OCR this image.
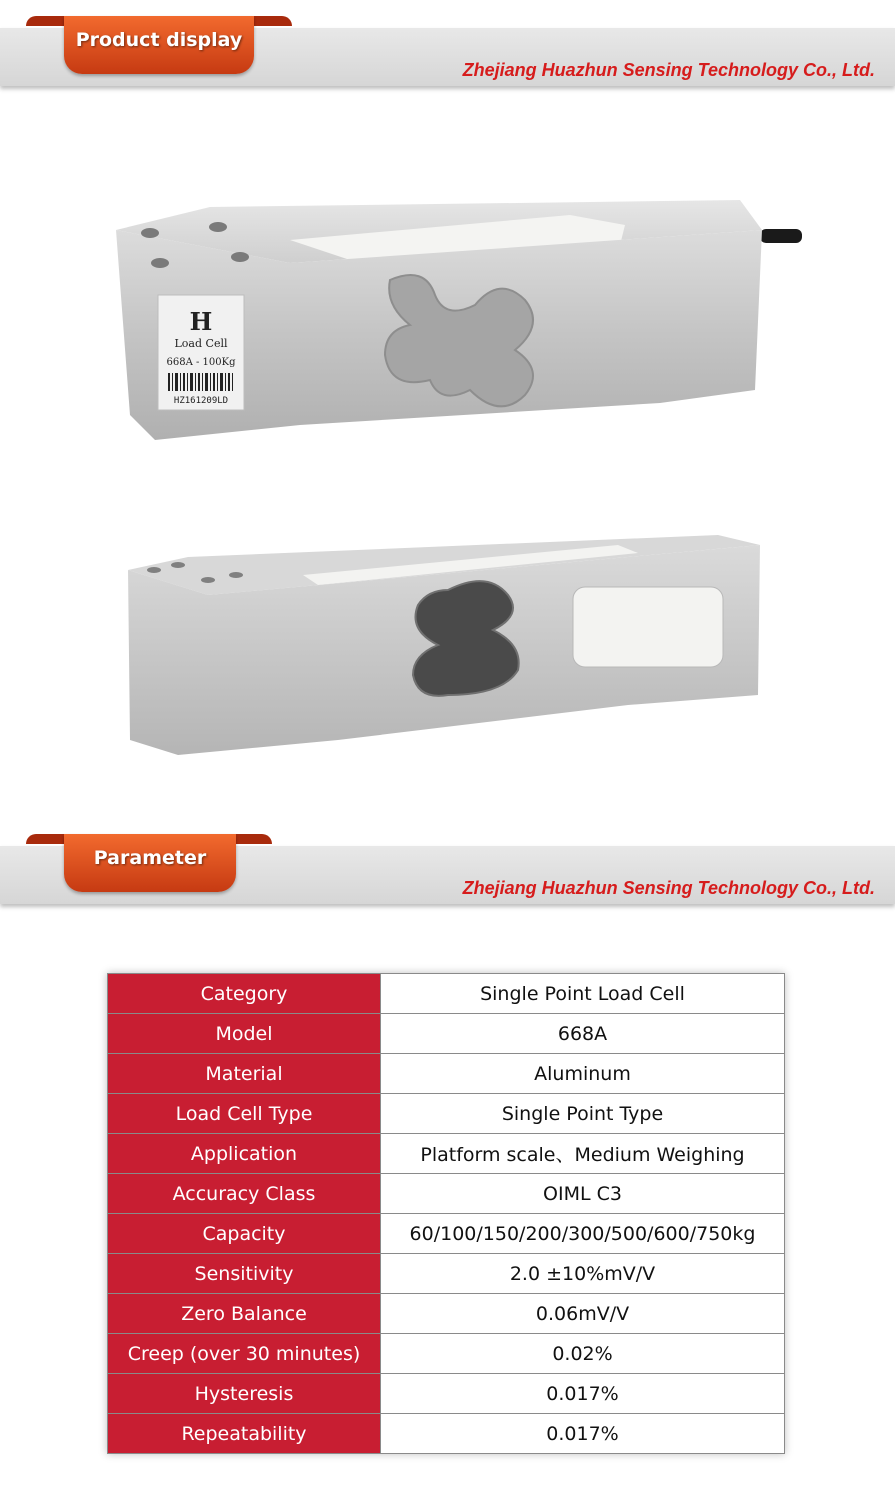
Product display
Zhejiang Huazhun Sensing Technology Co., Ltd.
H
Load Cell
668A - 100Kg
HZ161209LD
Parameter
Zhejiang Huazhun Sensing Technology Co., Ltd.
Category	Single Point Load Cell
Model	668A
Material	Aluminum
Load Cell Type	Single Point Type
Application	Platform scale、Medium Weighing
Accuracy Class	OIML C3
Capacity	60/100/150/200/300/500/600/750kg
Sensitivity	2.0 ±10%mV/V
Zero Balance	0.06mV/V
Creep (over 30 minutes)	0.02%
Hysteresis	0.017%
Repeatability	0.017%
